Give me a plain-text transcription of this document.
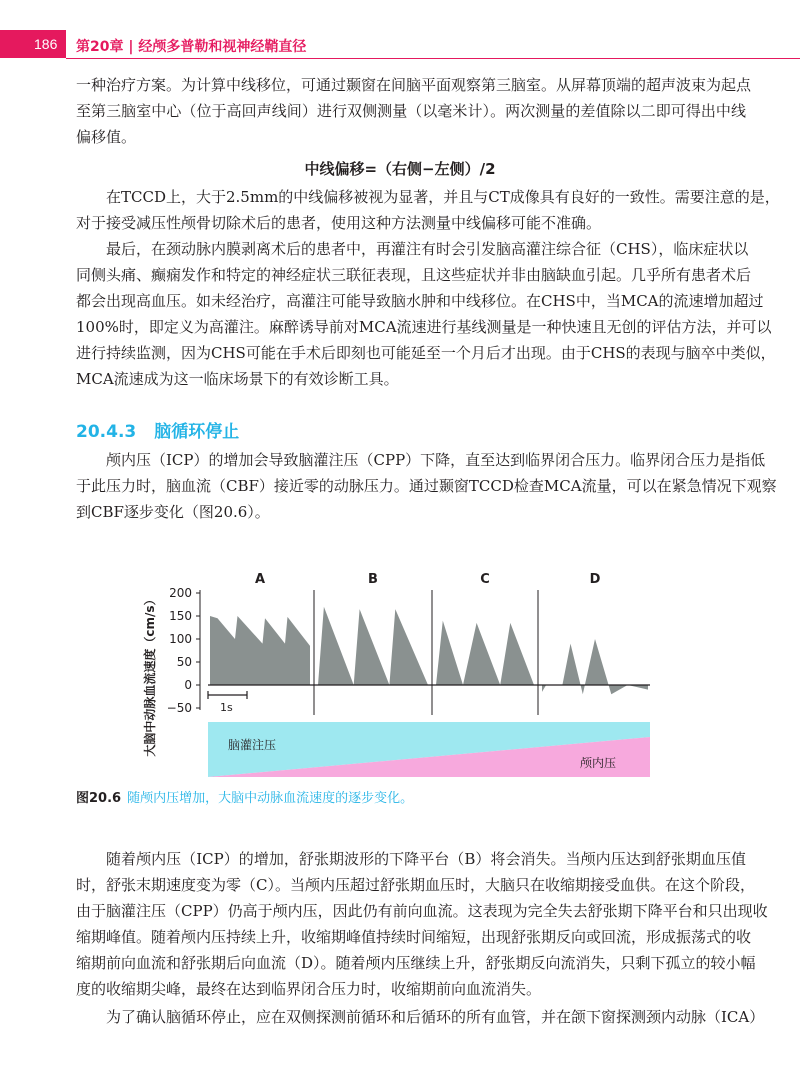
186 第20章 | 经颅多普勒和视神经鞘直径
一种治疗方案。为计算中线移位，可通过颞窗在间脑平面观察第三脑室。从屏幕顶端的超声波束为起点
至第三脑室中心（位于高回声线间）进行双侧测量（以毫米计）。两次测量的差值除以二即可得出中线
偏移值。
中线偏移=（右侧−左侧）/2
在TCCD上，大于2.5mm的中线偏移被视为显著，并且与CT成像具有良好的一致性。需要注意的是，
对于接受减压性颅骨切除术后的患者，使用这种方法测量中线偏移可能不准确。
最后，在颈动脉内膜剥离术后的患者中，再灌注有时会引发脑高灌注综合征（CHS），临床症状以
同侧头痛、癫痫发作和特定的神经症状三联征表现，且这些症状并非由脑缺血引起。几乎所有患者术后
都会出现高血压。如未经治疗，高灌注可能导致脑水肿和中线移位。在CHS中，当MCA的流速增加超过
100%时，即定义为高灌注。麻醉诱导前对MCA流速进行基线测量是一种快速且无创的评估方法，并可以
进行持续监测，因为CHS可能在手术后即刻也可能延至一个月后才出现。由于CHS的表现与脑卒中类似，
MCA流速成为这一临床场景下的有效诊断工具。
20.4.3 脑循环停止
颅内压（ICP）的增加会导致脑灌注压（CPP）下降，直至达到临界闭合压力。临界闭合压力是指低
于此压力时，脑血流（CBF）接近零的动脉压力。通过颞窗TCCD检查MCA流量，可以在紧急情况下观察
到CBF逐步变化（图20.6）。
大脑中动脉血流速度（cm/s）
200
150
100
50
0
−50
A	B	C	D
1s
脑灌注压
颅内压
图20.6 随颅内压增加，大脑中动脉血流速度的逐步变化。
随着颅内压（ICP）的增加，舒张期波形的下降平台（B）将会消失。当颅内压达到舒张期血压值
时，舒张末期速度变为零（C）。当颅内压超过舒张期血压时，大脑只在收缩期接受血供。在这个阶段，
由于脑灌注压（CPP）仍高于颅内压，因此仍有前向血流。这表现为完全失去舒张期下降平台和只出现收
缩期峰值。随着颅内压持续上升，收缩期峰值持续时间缩短，出现舒张期反向或回流，形成振荡式的收
缩期前向血流和舒张期后向血流（D）。随着颅内压继续上升，舒张期反向流消失，只剩下孤立的较小幅
度的收缩期尖峰，最终在达到临界闭合压力时，收缩期前向血流消失。
为了确认脑循环停止，应在双侧探测前循环和后循环的所有血管，并在颌下窗探测颈内动脉（ICA）
